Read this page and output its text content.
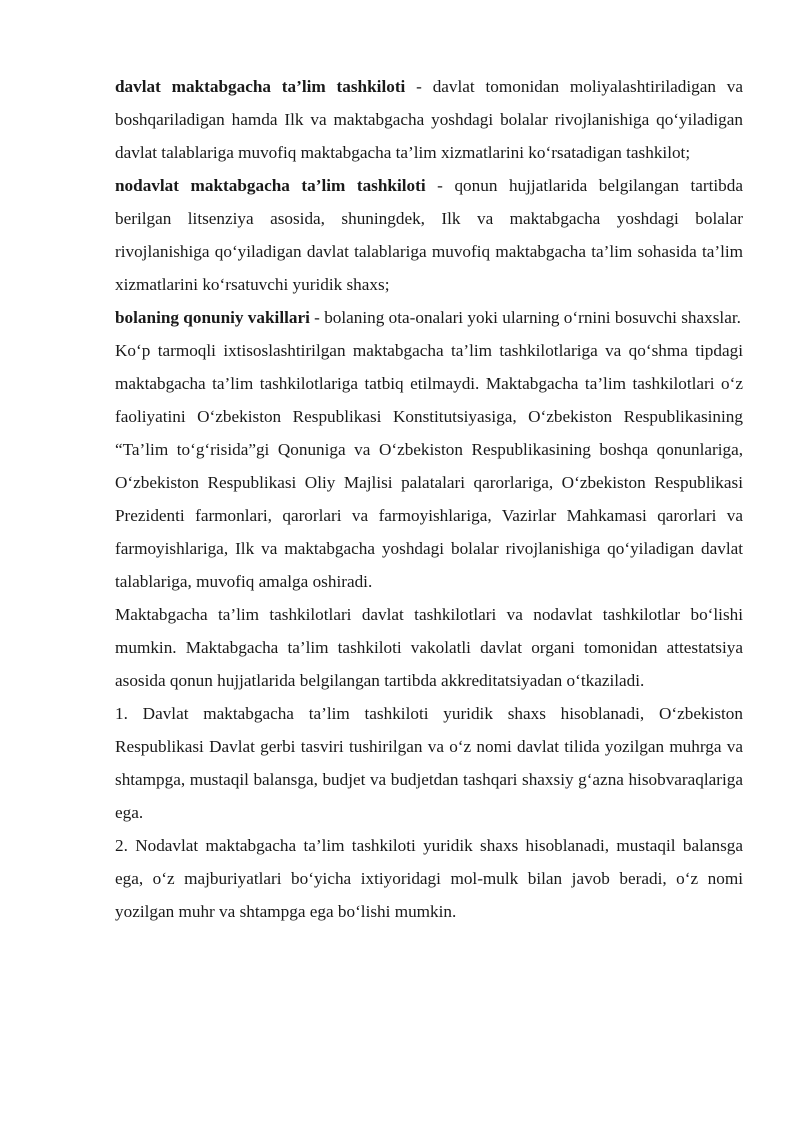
davlat maktabgacha ta’lim tashkiloti - davlat tomonidan moliyalashtiriladigan va boshqariladigan hamda Ilk va maktabgacha yoshdagi bolalar rivojlanishiga qo‘yiladigan davlat talablariga muvofiq maktabgacha ta’lim xizmatlarini ko‘rsatadigan tashkilot;

nodavlat maktabgacha ta’lim tashkiloti - qonun hujjatlarida belgilangan tartibda berilgan litsenziya asosida, shuningdek, Ilk va maktabgacha yoshdagi bolalar rivojlanishiga qo‘yiladigan davlat talablariga muvofiq maktabgacha ta’lim sohasida ta’lim xizmatlarini ko‘rsatuvchi yuridik shaxs;

bolaning qonuniy vakillari - bolaning ota-onalari yoki ularning o‘rnini bosuvchi shaxslar.

Ko‘p tarmoqli ixtisoslashtirilgan maktabgacha ta’lim tashkilotlariga va qo‘shma tipdagi maktabgacha ta’lim tashkilotlariga tatbiq etilmaydi. Maktabgacha ta’lim tashkilotlari o‘z faoliyatini O‘zbekiston Respublikasi Konstitutsiyasiga, O‘zbekiston Respublikasining “Ta’lim to‘g‘risida”gi Qonuniga va O‘zbekiston Respublikasining boshqa qonunlariga, O‘zbekiston Respublikasi Oliy Majlisi palatalari qarorlariga, O‘zbekiston Respublikasi Prezidenti farmonlari, qarorlari va farmoyishlariga, Vazirlar Mahkamasi qarorlari va farmoyishlariga, Ilk va maktabgacha yoshdagi bolalar rivojlanishiga qo‘yiladigan davlat talablariga, muvofiq amalga oshiradi.

Maktabgacha ta’lim tashkilotlari davlat tashkilotlari va nodavlat tashkilotlar bo‘lishi mumkin. Maktabgacha ta’lim tashkiloti vakolatli davlat organi tomonidan attestatsiya asosida qonun hujjatlarida belgilangan tartibda akkreditatsiyadan o‘tkaziladi.

1. Davlat maktabgacha ta’lim tashkiloti yuridik shaxs hisoblanadi, O‘zbekiston Respublikasi Davlat gerbi tasviri tushirilgan va o‘z nomi davlat tilida yozilgan muhrga va shtampga, mustaqil balansga, budjet va budjetdan tashqari shaxsiy g‘azna hisobvaraqlariga ega.

2. Nodavlat maktabgacha ta’lim tashkiloti yuridik shaxs hisoblanadi, mustaqil balansga ega, o‘z majburiyatlari bo‘yicha ixtiyoridagi mol-mulk bilan javob beradi, o‘z nomi yozilgan muhr va shtampga ega bo‘lishi mumkin.
